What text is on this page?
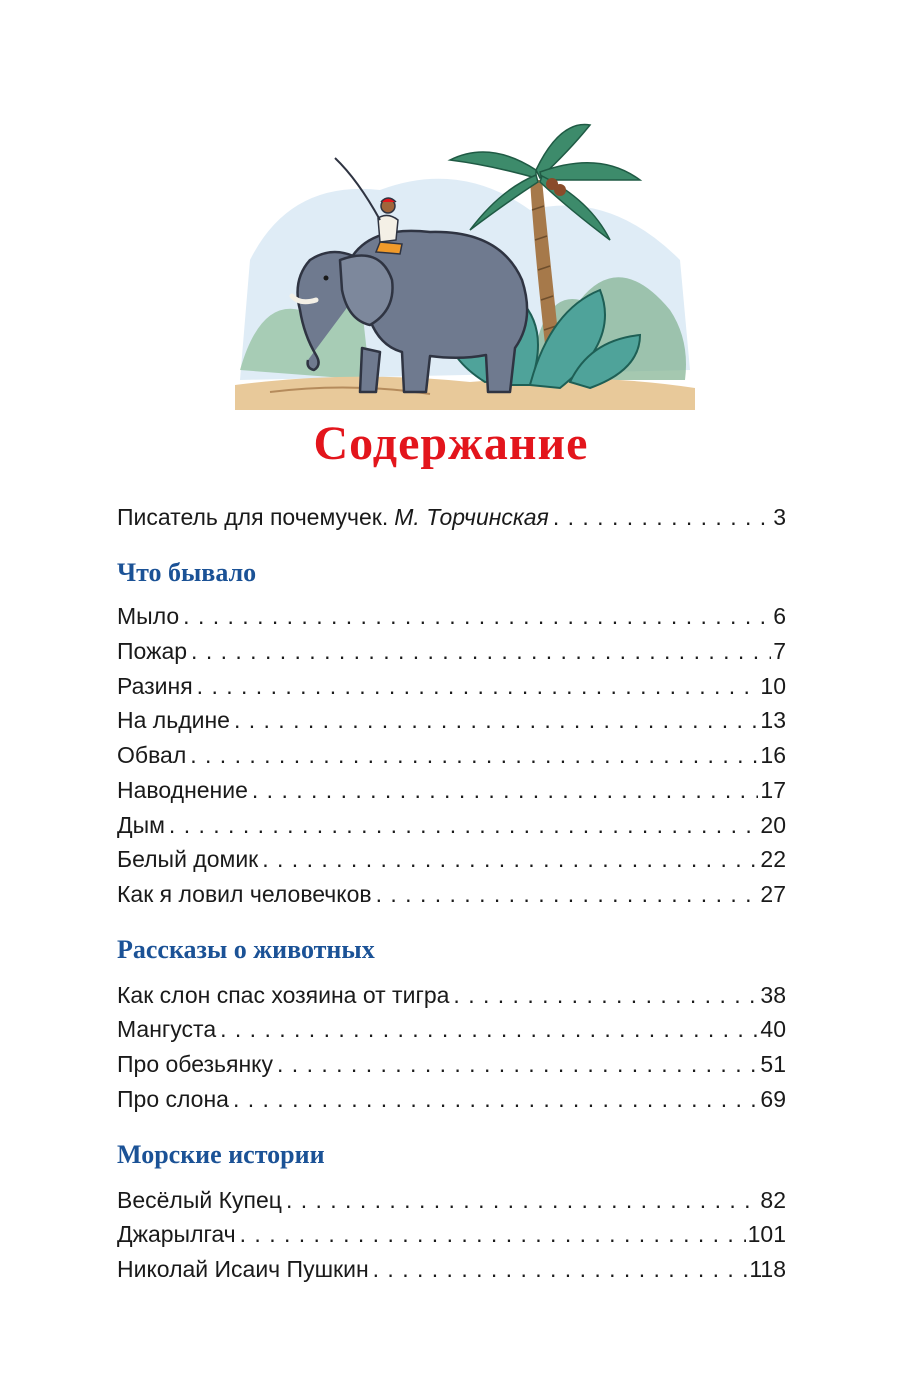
Содержание
Писатель для почемучек. М. Торчинская . . .	3
Что бывало
Мыло . . .	6
Пожар . . .	7
Разиня . . .	10
На льдине . . .	13
Обвал . . .	16
Наводнение . . .	17
Дым . . .	20
Белый домик . . .	22
Как я ловил человечков . . .	27
Рассказы о животных
Как слон спас хозяина от тигра . . .	38
Мангуста . . .	40
Про обезьянку . . .	51
Про слона . . .	69
Морские истории
Весёлый Купец . . .	82
Джарылгач . . .	101
Николай Исаич Пушкин . . .	118
